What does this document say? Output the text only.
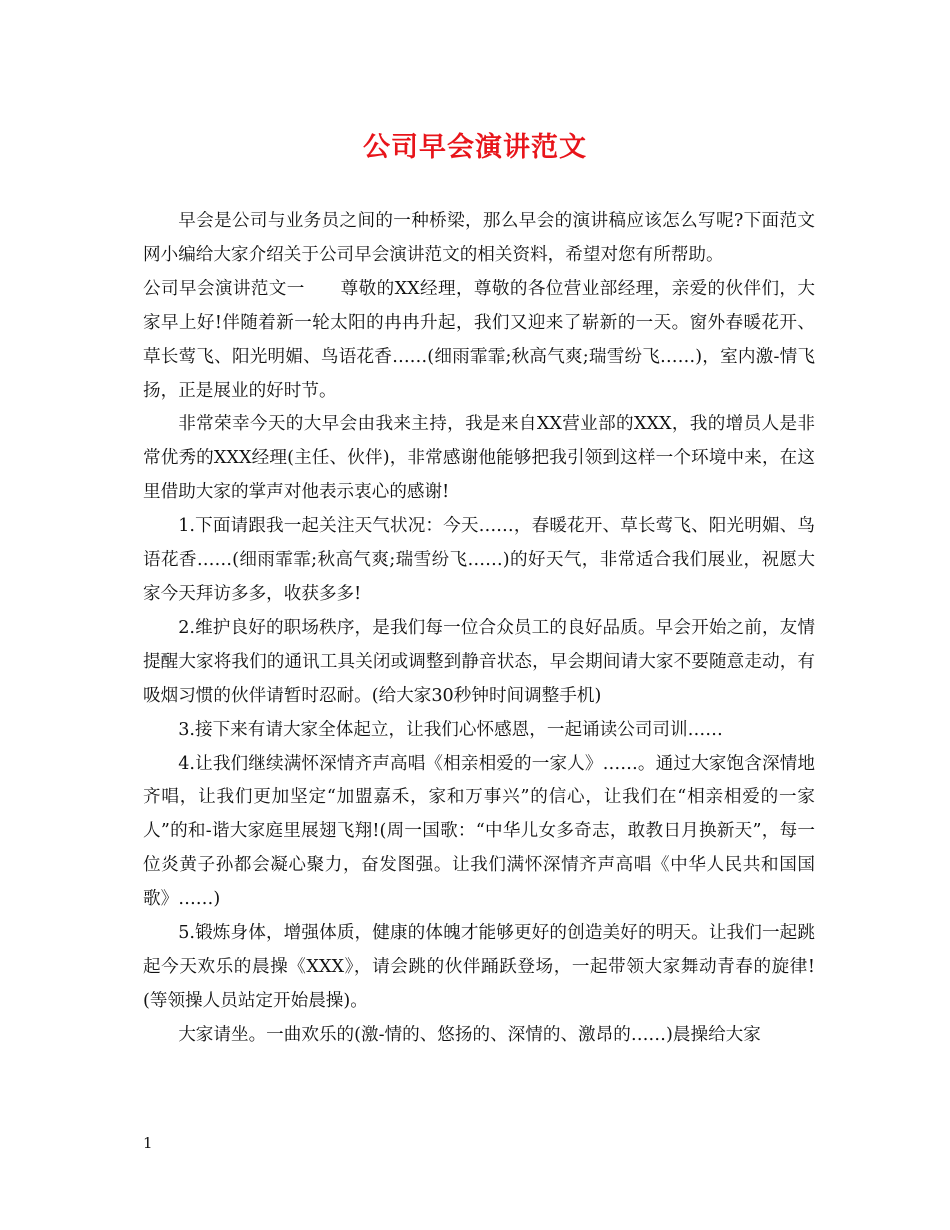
公司早会演讲范文

早会是公司与业务员之间的一种桥梁，那么早会的演讲稿应该怎么写呢?下面范文网小编给大家介绍关于公司早会演讲范文的相关资料，希望对您有所帮助。

公司早会演讲范文一　　尊敬的XX经理，尊敬的各位营业部经理，亲爱的伙伴们，大家早上好!伴随着新一轮太阳的冉冉升起，我们又迎来了崭新的一天。窗外春暖花开、草长莺飞、阳光明媚、鸟语花香……(细雨霏霏;秋高气爽;瑞雪纷飞……)，室内激-情飞扬，正是展业的好时节。

非常荣幸今天的大早会由我来主持，我是来自XX营业部的XXX，我的增员人是非常优秀的XXX经理(主任、伙伴)，非常感谢他能够把我引领到这样一个环境中来，在这里借助大家的掌声对他表示衷心的感谢!

1.下面请跟我一起关注天气状况：今天……，春暖花开、草长莺飞、阳光明媚、鸟语花香……(细雨霏霏;秋高气爽;瑞雪纷飞……)的好天气，非常适合我们展业，祝愿大家今天拜访多多，收获多多!

2.维护良好的职场秩序，是我们每一位合众员工的良好品质。早会开始之前，友情提醒大家将我们的通讯工具关闭或调整到静音状态，早会期间请大家不要随意走动，有吸烟习惯的伙伴请暂时忍耐。(给大家30秒钟时间调整手机)

3.接下来有请大家全体起立，让我们心怀感恩，一起诵读公司司训……

4.让我们继续满怀深情齐声高唱《相亲相爱的一家人》……。通过大家饱含深情地齐唱，让我们更加坚定“加盟嘉禾，家和万事兴”的信心，让我们在“相亲相爱的一家人”的和-谐大家庭里展翅飞翔!(周一国歌：“中华儿女多奇志，敢教日月换新天”，每一位炎黄子孙都会凝心聚力，奋发图强。让我们满怀深情齐声高唱《中华人民共和国国歌》……)

5.锻炼身体，增强体质，健康的体魄才能够更好的创造美好的明天。让我们一起跳起今天欢乐的晨操《XXX》，请会跳的伙伴踊跃登场，一起带领大家舞动青春的旋律!(等领操人员站定开始晨操)。

大家请坐。一曲欢乐的(激-情的、悠扬的、深情的、激昂的……)晨操给大家

1
